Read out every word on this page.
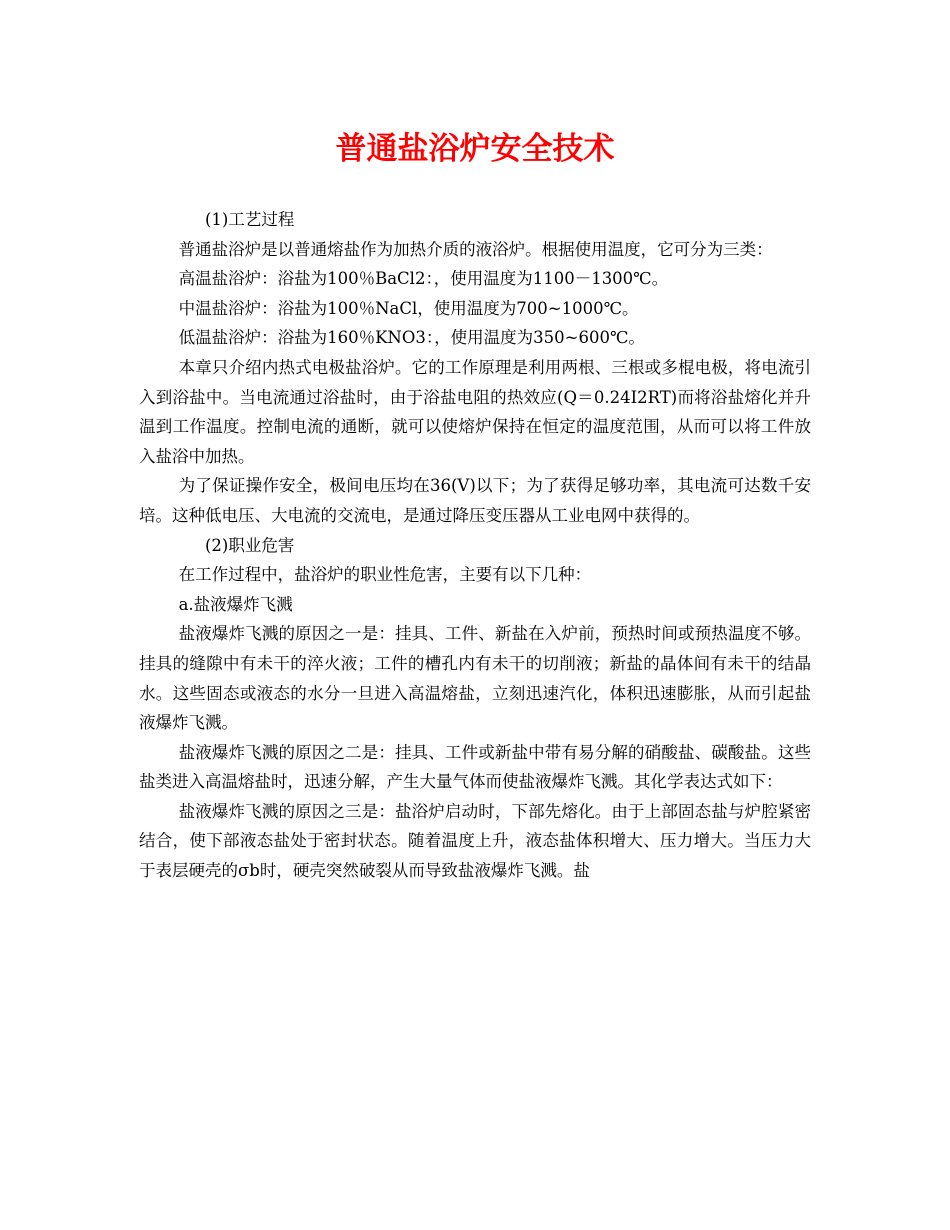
普通盐浴炉安全技术

(1)工艺过程

普通盐浴炉是以普通熔盐作为加热介质的液浴炉。根据使用温度，它可分为三类：

高温盐浴炉：浴盐为100％BaCl2：，使用温度为1100－1300℃。

中温盐浴炉：浴盐为100％NaCl，使用温度为700~1000℃。

低温盐浴炉：浴盐为160％KNO3：，使用温度为350~600℃。

本章只介绍内热式电极盐浴炉。它的工作原理是利用两根、三根或多棍电极，将电流引入到浴盐中。当电流通过浴盐时，由于浴盐电阻的热效应(Q＝0.24I2RT)而将浴盐熔化并升温到工作温度。控制电流的通断，就可以使熔炉保持在恒定的温度范围，从而可以将工件放入盐浴中加热。

为了保证操作安全，极间电压均在36(V)以下；为了获得足够功率，其电流可达数千安培。这种低电压、大电流的交流电，是通过降压变压器从工业电网中获得的。

(2)职业危害

在工作过程中，盐浴炉的职业性危害，主要有以下几种：

a.盐液爆炸飞溅

盐液爆炸飞溅的原因之一是：挂具、工件、新盐在入炉前，预热时间或预热温度不够。挂具的缝隙中有未干的淬火液；工件的槽孔内有未干的切削液；新盐的晶体间有未干的结晶水。这些固态或液态的水分一旦进入高温熔盐，立刻迅速汽化，体积迅速膨胀，从而引起盐液爆炸飞溅。

盐液爆炸飞溅的原因之二是：挂具、工件或新盐中带有易分解的硝酸盐、碳酸盐。这些盐类进入高温熔盐时，迅速分解，产生大量气体而使盐液爆炸飞溅。其化学表达式如下：

盐液爆炸飞溅的原因之三是：盐浴炉启动时，下部先熔化。由于上部固态盐与炉腔紧密结合，使下部液态盐处于密封状态。随着温度上升，液态盐体积增大、压力增大。当压力大于表层硬壳的σb时，硬壳突然破裂从而导致盐液爆炸飞溅。盐
